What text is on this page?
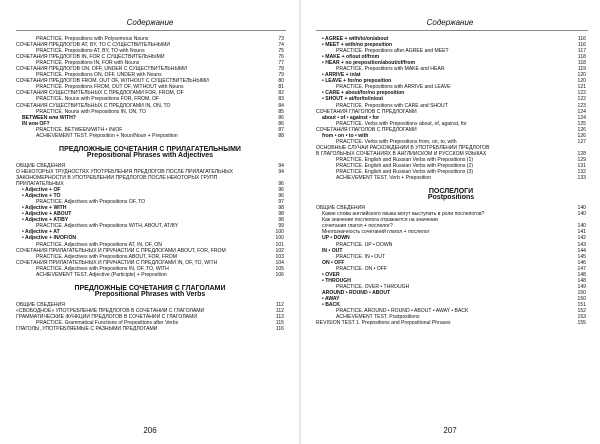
Содержание
PRACTICE. Prepositions with Polysemous Nouns	73
СОЧЕТАНИЯ ПРЕДЛОГОВ AT, BY, TO С СУЩЕСТВИТЕЛЬНЫМИ	74
PRACTICE. Prepositions AT, BY, TO with Nouns	75
СОЧЕТАНИЯ ПРЕДЛОГОВ IN, FOR С СУЩЕСТВИТЕЛЬНЫМИ	76
PRACTICE. Prepositions IN, FOR with Nouns	77
СОЧЕТАНИЯ ПРЕДЛОГОВ ON, OFF, UNDER С СУЩЕСТВИТЕЛЬНЫМИ	78
PRACTICE. Prepositions ON, OFF, UNDER with Nouns	79
СОЧЕТАНИЯ ПРЕДЛОГОВ FROM, OUT OF, WITHOUT С СУЩЕСТВИТЕЛЬНЫМИ	80
PRACTICE. Prepositions FROM, OUT OF, WITHOUT with Nouns	81
СОЧЕТАНИЯ СУЩЕСТВИТЕЛЬНЫХ С ПРЕДЛОГАМИ FOR, FROM, OF	82
PRACTICE. Nouns with Prepositions FOR, FROM, OF	83
СОЧЕТАНИЯ СУЩЕСТВИТЕЛЬНЫХ С ПРЕДЛОГАМИ IN, ON, TO	84
PRACTICE. Nouns with Prepositions IN, ON, TO	85
BETWEEN или WITH?	86
IN или OF?	86
PRACTICE. BETWEEN/WITH • IN/OF	87
ACHIEVEMENT TEST. Preposition + Noun/Noun + Preposition	88
ПРЕДЛОЖНЫЕ СОЧЕТАНИЯ С ПРИЛАГАТЕЛЬНЫМИ
Prepositional Phrases with Adjectives
ОБЩИЕ СВЕДЕНИЯ	94
О НЕКОТОРЫХ ТРУДНОСТЯХ УПОТРЕБЛЕНИЯ ПРЕДЛОГОВ ПОСЛЕ ПРИЛАГАТЕЛЬНЫХ	94
ЗАКОНОМЕРНОСТИ В УПОТРЕБЛЕНИИ ПРЕДЛОГОВ ПОСЛЕ НЕКОТОРЫХ ГРУПП
ПРИЛАГАТЕЛЬНЫХ	96
• Adjective + OF	96
• Adjective + TO	96
PRACTICE. Adjectives with Prepositions OF, TO	97
• Adjective + WITH	98
• Adjective + ABOUT	98
• Adjective + AT/BY	98
PRACTICE. Adjectives with Prepositions WITH, ABOUT, AT/BY	99
• Adjective + AT	100
• Adjective + IN/OF/ON	100
PRACTICE. Adjectives with Prepositions AT, IN, OF, ON	101
СОЧЕТАНИЯ ПРИЛАГАТЕЛЬНЫХ И ПРИЧАСТИЙ С ПРЕДЛОГАМИ ABOUT, FOR, FROM	102
PRACTICE. Adjectives with Prepositions ABOUT, FOR, FROM	103
СОЧЕТАНИЯ ПРИЛАГАТЕЛЬНЫХ И ПРИЧАСТИЙ С ПРЕДЛОГАМИ IN, OF, TO, WITH	104
PRACTICE. Adjectives with Prepositions IN, OF, TO, WITH	105
ACHIEVEMENT TEST. Adjective (Participle) + Preposition	106
ПРЕДЛОЖНЫЕ СОЧЕТАНИЯ С ГЛАГОЛАМИ
Prepositional Phrases with Verbs
ОБЩИЕ СВЕДЕНИЯ	112
«СВОБОДНОЕ» УПОТРЕБЛЕНИЕ ПРЕДЛОГОВ В СОЧЕТАНИИ С ГЛАГОЛАМИ	112
ГРАММАТИЧЕСКИЕ ФУНКЦИИ ПРЕДЛОГОВ В СОЧЕТАНИИ С ГЛАГОЛАМИ	113
PRACTICE. Grammatical Functions of Prepositions after Verbs	115
ГЛАГОЛЫ, УПОТРЕБЛЯЕМЫЕ С РАЗНЫМИ ПРЕДЛОГАМИ	116
206
Содержание
• AGREE + with/to/on/about	116
• MEET + with/no preposition	116
PRACTICE. Prepositions after AGREE and MEET	117
• MAKE + of/out of/from	118
• HEAR + no preposition/about/of/from	118
PRACTICE. Prepositions with MAKE and HEAR	119
• ARRIVE + in/at	120
• LEAVE + for/no preposition	120
PRACTICE. Prepositions with ARRIVE and LEAVE	121
• CARE + about/for/no preposition	122
• SHOUT + at/for/to/in/out	122
PRACTICE. Prepositions with CARE and SHOUT	123
СОЧЕТАНИЯ ГЛАГОЛОВ С ПРЕДЛОГАМИ	124
about • of • against • for	124
PRACTICE. Verbs with Prepositions about, of, against, for	125
СОЧЕТАНИЯ ГЛАГОЛОВ С ПРЕДЛОГАМИ	126
from • on • to • with	126
PRACTICE. Verbs with Prepositions from, on, to, with	127
ОСНОВНЫЕ СЛУЧАИ РАСХОЖДЕНИЙ В УПОТРЕБЛЕНИИ ПРЕДЛОГОВ
В ГЛАГОЛЬНЫХ СОЧЕТАНИЯХ В АНГЛИЙСКОМ И РУССКОМ ЯЗЫКАХ	128
PRACTICE. English and Russian Verbs with Prepositions (1)	129
PRACTICE. English and Russian Verbs with Prepositions (2)	131
PRACTICE. English and Russian Verbs with Prepositions (3)	132
ACHIEVEMENT TEST. Verb + Preposition	133
ПОСЛЕЛОГИ
Postpositions
ОБЩИЕ СВЕДЕНИЯ	140
Какие слова английского языка могут выступать в роли послелогов?	140
Как значение послелога отражается на значении
сочетания глагол + послелог?	140
Многозначность сочетаний глагол + послелог	141
UP • DOWN	142
PRACTICE. UP • DOWN	143
IN • OUT	144
PRACTICE. IN • OUT	145
ON • OFF	146
PRACTICE. ON • OFF	147
• OVER	148
• THROUGH	148
PRACTICE. OVER • THROUGH	149
AROUND • ROUND • ABOUT	150
• AWAY	150
• BACK	151
PRACTICE. AROUND • ROUND • ABOUT • AWAY • BACK	152
ACHIEVEMENT TEST. Postpositions	153
REVISION TEST 1. Prepositions and Prepositional Phrases	155
207
